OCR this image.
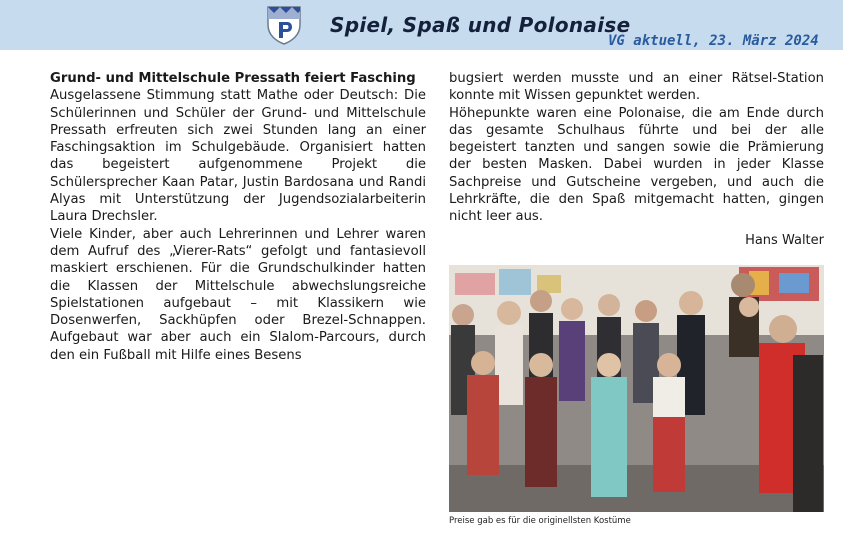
Spiel, Spaß und Polonaise
VG aktuell, 23. März 2024

Grund- und Mittelschule Pressath feiert Fasching

Ausgelassene Stimmung statt Mathe oder Deutsch: Die Schülerinnen und Schüler der Grund- und Mittelschule Pressath erfreuten sich zwei Stunden lang an einer Faschingsaktion im Schulgebäude. Organisiert hatten das begeistert aufgenommene Projekt die Schülersprecher Kaan Patar, Justin Bardosana und Randi Alyas mit Unterstützung der Jugendsozialarbeiterin Laura Drechsler.

Viele Kinder, aber auch Lehrerinnen und Lehrer waren dem Aufruf des „Vierer-Rats“ gefolgt und fantasievoll maskiert erschienen. Für die Grundschulkinder hatten die Klassen der Mittelschule abwechslungsreiche Spielstationen aufgebaut – mit Klassikern wie Dosenwerfen, Sackhüpfen oder Brezel-Schnappen. Aufgebaut war aber auch ein Slalom-Parcours, durch den ein Fußball mit Hilfe eines Besens

bugsiert werden musste und an einer Rätsel-Station konnte mit Wissen gepunktet werden.

Höhepunkte waren eine Polonaise, die am Ende durch das gesamte Schulhaus führte und bei der alle begeistert tanzten und sangen sowie die Prämierung der besten Masken. Dabei wurden in jeder Klasse Sachpreise und Gutscheine vergeben, und auch die Lehrkräfte, die den Spaß mitgemacht hatten, gingen nicht leer aus.

Hans Walter
Preise gab es für die originellsten Kostüme
